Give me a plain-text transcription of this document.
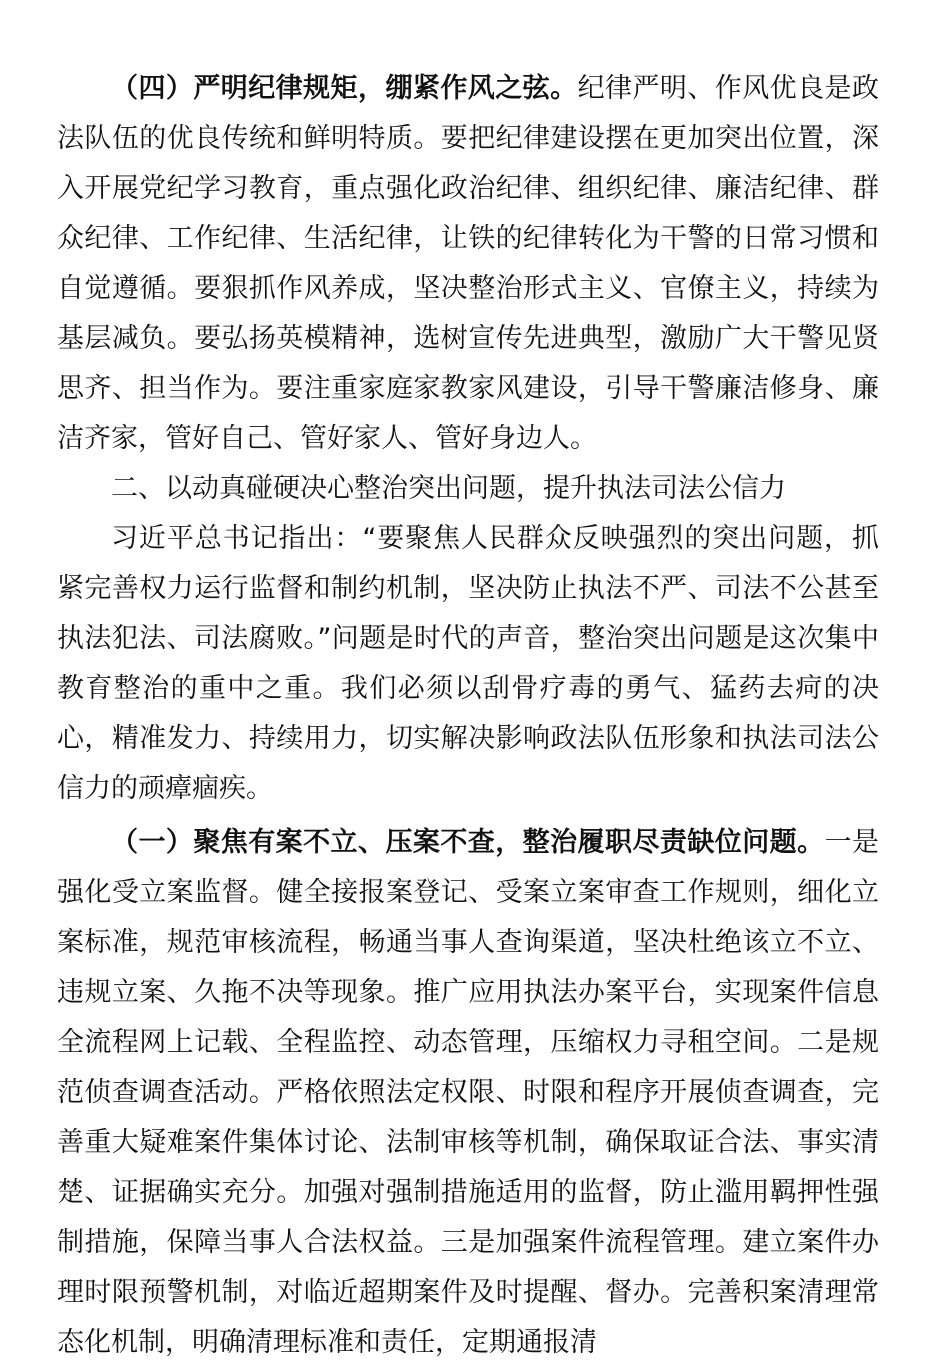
（四）严明纪律规矩，绷紧作风之弦。纪律严明、作风优良是政法队伍的优良传统和鲜明特质。要把纪律建设摆在更加突出位置，深入开展党纪学习教育，重点强化政治纪律、组织纪律、廉洁纪律、群众纪律、工作纪律、生活纪律，让铁的纪律转化为干警的日常习惯和自觉遵循。要狠抓作风养成，坚决整治形式主义、官僚主义，持续为基层减负。要弘扬英模精神，选树宣传先进典型，激励广大干警见贤思齐、担当作为。要注重家庭家教家风建设，引导干警廉洁修身、廉洁齐家，管好自己、管好家人、管好身边人。

二、以动真碰硬决心整治突出问题，提升执法司法公信力

习近平总书记指出：“要聚焦人民群众反映强烈的突出问题，抓紧完善权力运行监督和制约机制，坚决防止执法不严、司法不公甚至执法犯法、司法腐败。”问题是时代的声音，整治突出问题是这次集中教育整治的重中之重。我们必须以刮骨疗毒的勇气、猛药去疴的决心，精准发力、持续用力，切实解决影响政法队伍形象和执法司法公信力的顽瘴痼疾。

（一）聚焦有案不立、压案不查，整治履职尽责缺位问题。一是强化受立案监督。健全接报案登记、受案立案审查工作规则，细化立案标准，规范审核流程，畅通当事人查询渠道，坚决杜绝该立不立、违规立案、久拖不决等现象。推广应用执法办案平台，实现案件信息全流程网上记载、全程监控、动态管理，压缩权力寻租空间。二是规范侦查调查活动。严格依照法定权限、时限和程序开展侦查调查，完善重大疑难案件集体讨论、法制审核等机制，确保取证合法、事实清楚、证据确实充分。加强对强制措施适用的监督，防止滥用羁押性强制措施，保障当事人合法权益。三是加强案件流程管理。建立案件办理时限预警机制，对临近超期案件及时提醒、督办。完善积案清理常态化机制，明确清理标准和责任，定期通报清
